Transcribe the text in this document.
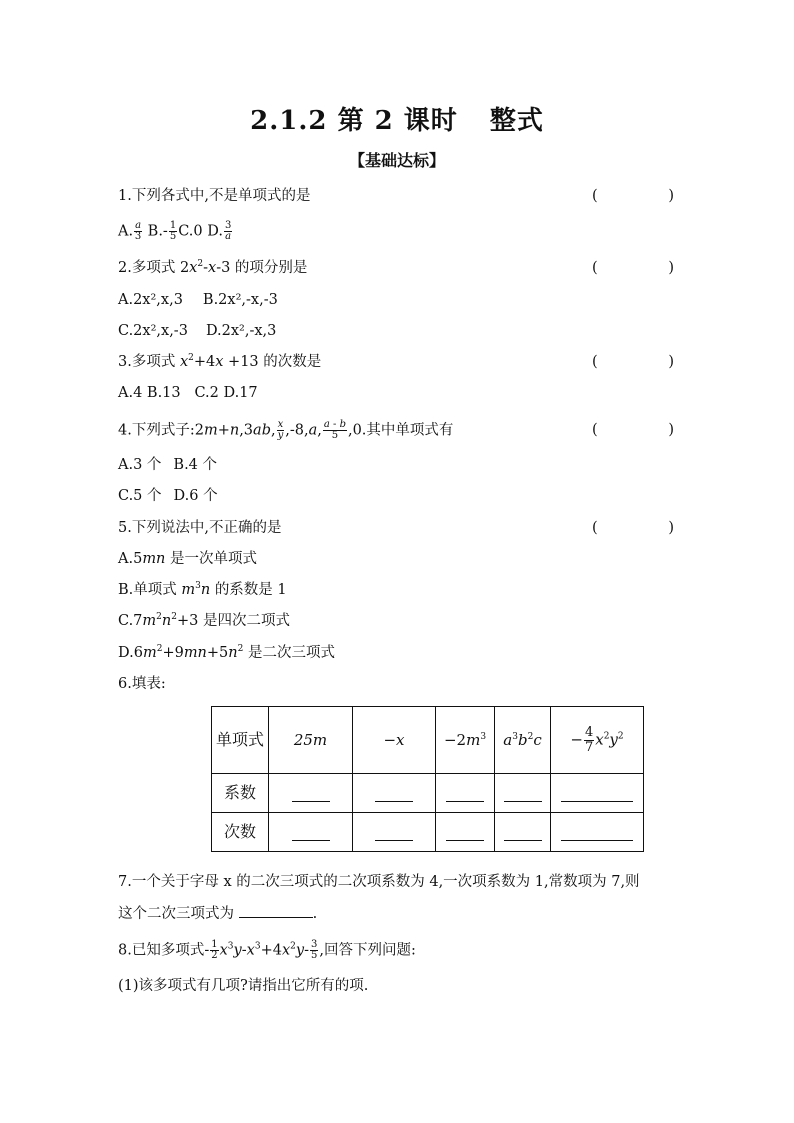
2.1.2 第 2 课时 整式
【基础达标】
1.下列各式中,不是单项式的是	(	)
A. $\frac{a}{3} B.- \frac{1}{5} C.0$ D. $\frac{3}{a}$
2.多项式 $2x^2-x-3$ 的项分别是	(	)
A.2x²,x,3 B.2x²,-x,-3
C.2x²,x,-3 D.2x²,-x,3
3.多项式 $x^2+4x +13$ 的次数是	(	)
A.4 B.13   C.2 D.17
4.下列式子:2m+n,3ab, $\frac{x}{y} ,-8,a$, $\frac{a - b}{5} ,0$.其中单项式有	(	)
A.3 个 B.4 个
C.5 个 D.6 个
5.下列说法中,不正确的是	(	)
A.5mn 是一次单项式
B.单项式 $m^3n$ 的系数是 1
$C.7m^2n^2+3$ 是四次二项式
$D.6m^2+9mn+5n^2$ 是二次三项式
6.填表:
单项式	25m	−x	$-2m^3$	$a^3b^2c$	− $\frac{4}{7} x^2y^2$
系数					
次数					
7.一个关于字母 x 的二次三项式的二次项系数为 4,一次项系数为 1,常数项为 7,则
这个二次三项式为	.
8.已知多项式- $\frac{1}{2} x^3y-x^3+4x^2y- \frac{3}{5}$ ,回答下列问题:
(1)该多项式有几项?请指出它所有的项.
